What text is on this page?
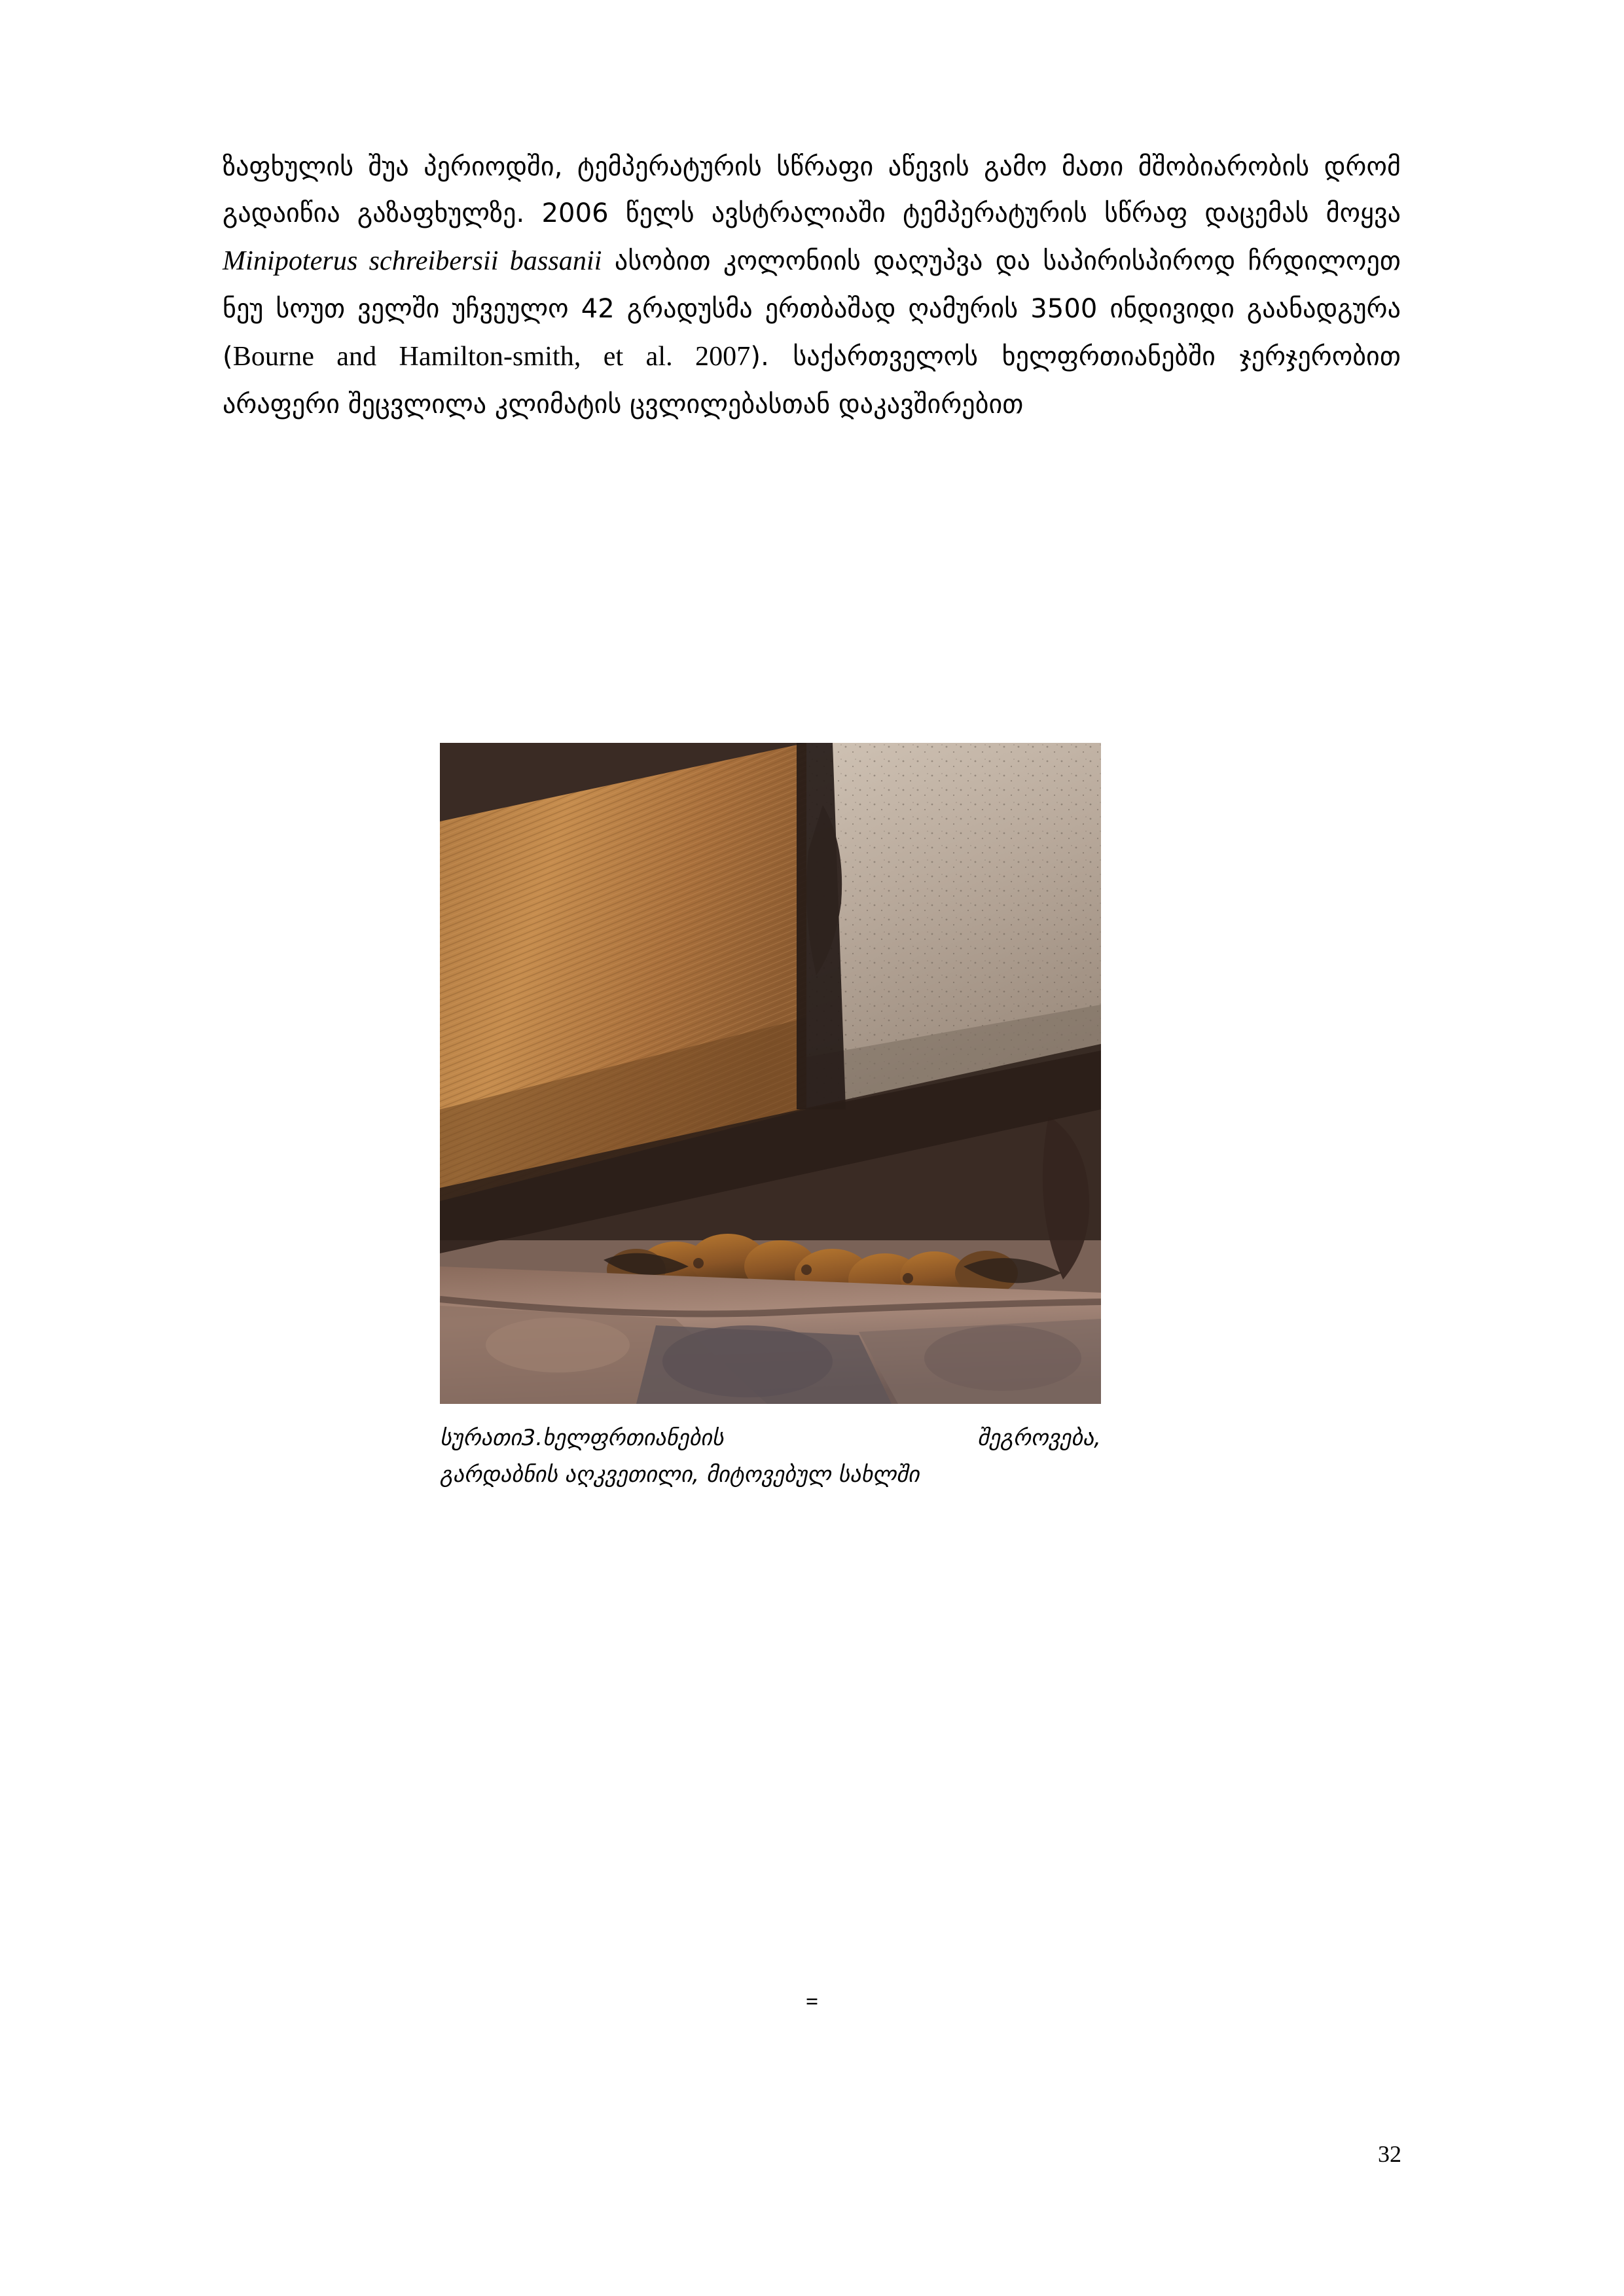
ზაფხულის შუა პერიოდში, ტემპერატურის სწრაფი აწევის გამო მათი მშობიარობის დრომ გადაიწია გაზაფხულზე. 2006 წელს ავსტრალიაში ტემპერატურის სწრაფ დაცემას მოყვა Minipoterus schreibersii bassanii ასობით კოლონიის დაღუპვა და საპირისპიროდ ჩრდილოეთ ნეუ სოუთ ველში უჩვეულო 42 გრადუსმა ერთბაშად ღამურის 3500 ინდივიდი გაანადგურა (Bourne and Hamilton-smith, et al. 2007). საქართველოს ხელფრთიანებში ჯერჯერობით არაფერი შეცვლილა კლიმატის ცვლილებასთან დაკავშირებით

სურათი3.ხელფრთიანების შეგროვება,
გარდაბნის აღკვეთილი, მიტოვებულ სახლში
=
32
